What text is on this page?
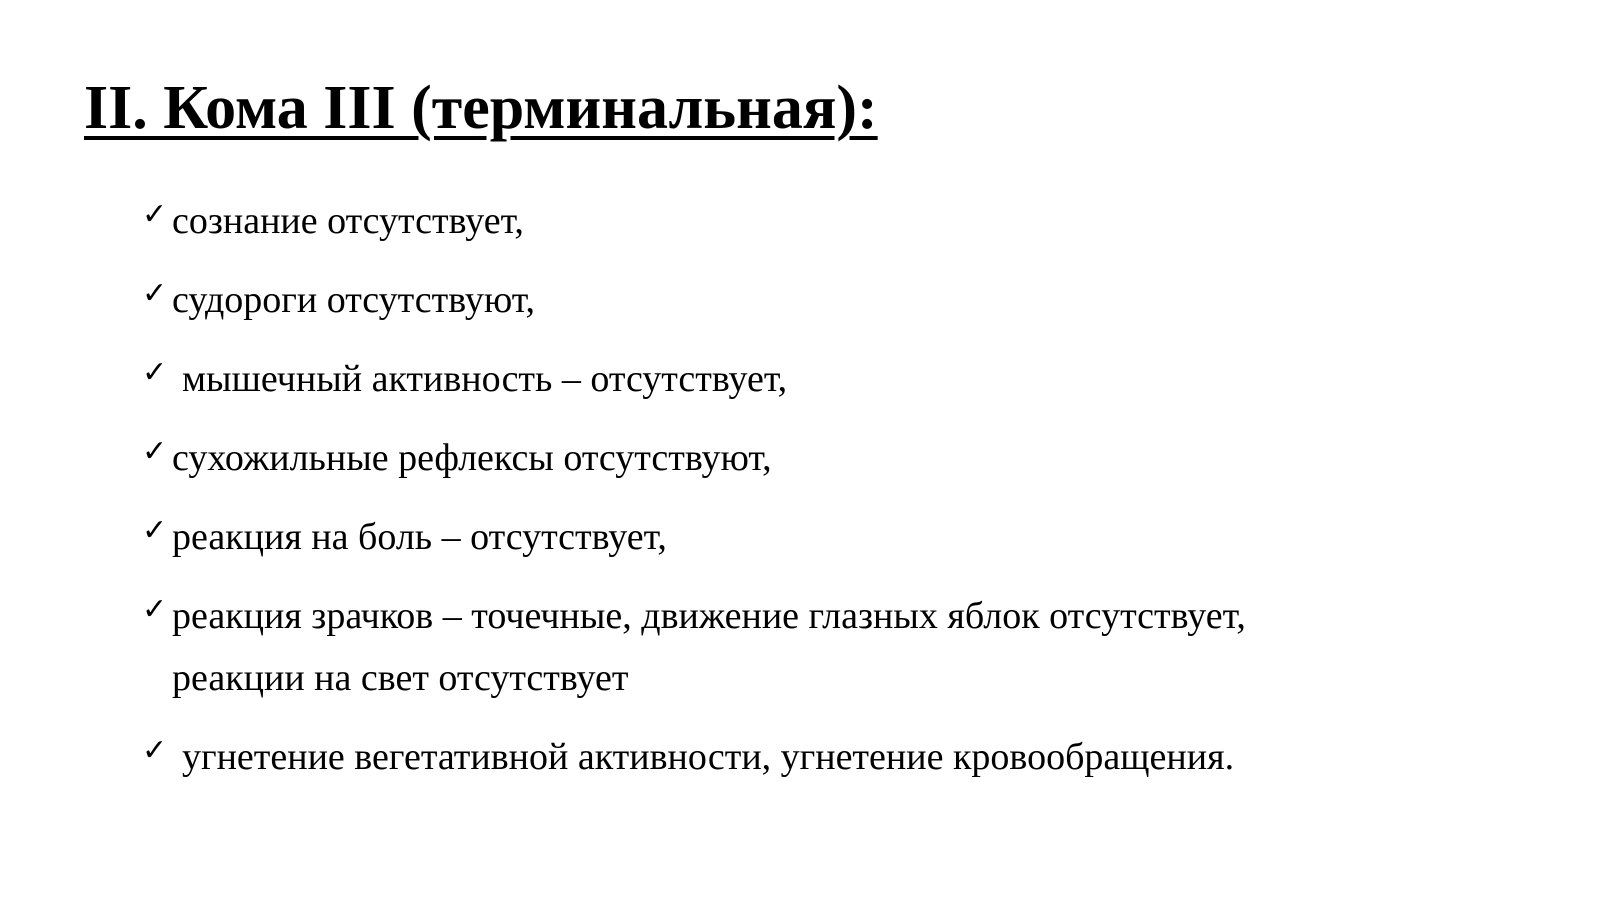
II. Кома III (терминальная):
✓ сознание отсутствует,
✓ судороги отсутствуют,
✓ мышечный активность – отсутствует,
✓ сухожильные рефлексы отсутствуют,
✓ реакция на боль – отсутствует,
✓ реакция зрачков – точечные, движение глазных яблок отсутствует, реакции на свет отсутствует
✓ угнетение вегетативной активности, угнетение кровообращения.
